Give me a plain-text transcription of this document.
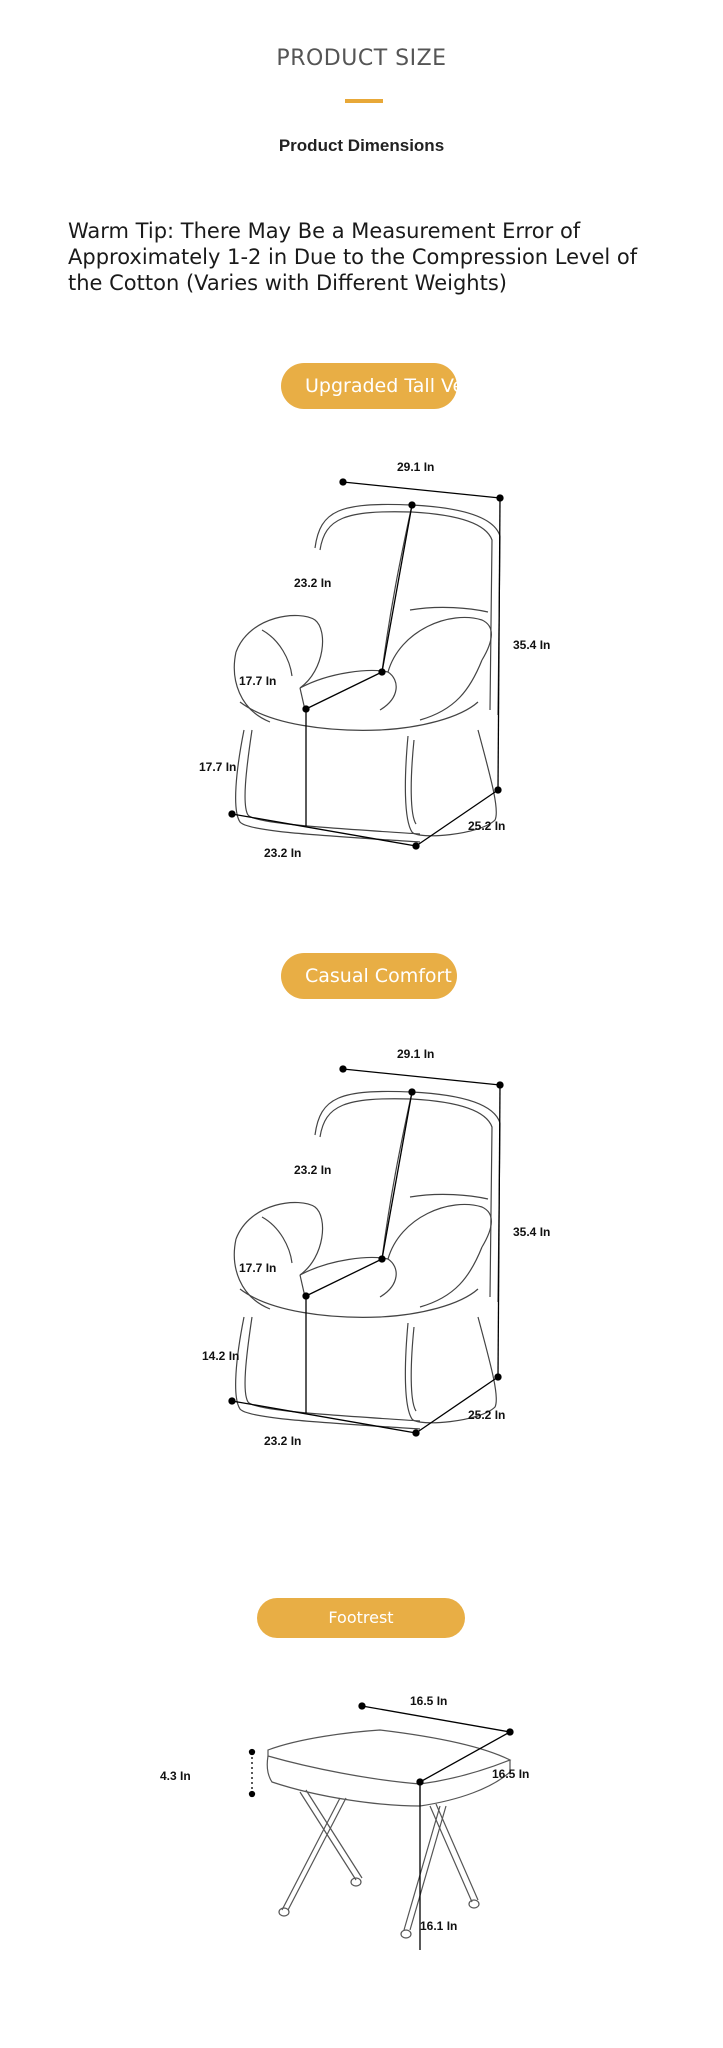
PRODUCT SIZE
Product Dimensions
Warm Tip: There May Be a Measurement Error of Approximately 1-2 in Due to the Compression Level of the Cotton (Varies with Different Weights)
Upgraded Tall Version
29.1 In
23.2 In
35.4 In
17.7 In
17.7 In
25.2 In
23.2 In
Casual Comfort Version
29.1 In
23.2 In
35.4 In
17.7 In
14.2 In
25.2 In
23.2 In
Footrest
16.5 In
16.5 In
4.3 In
16.1 In
